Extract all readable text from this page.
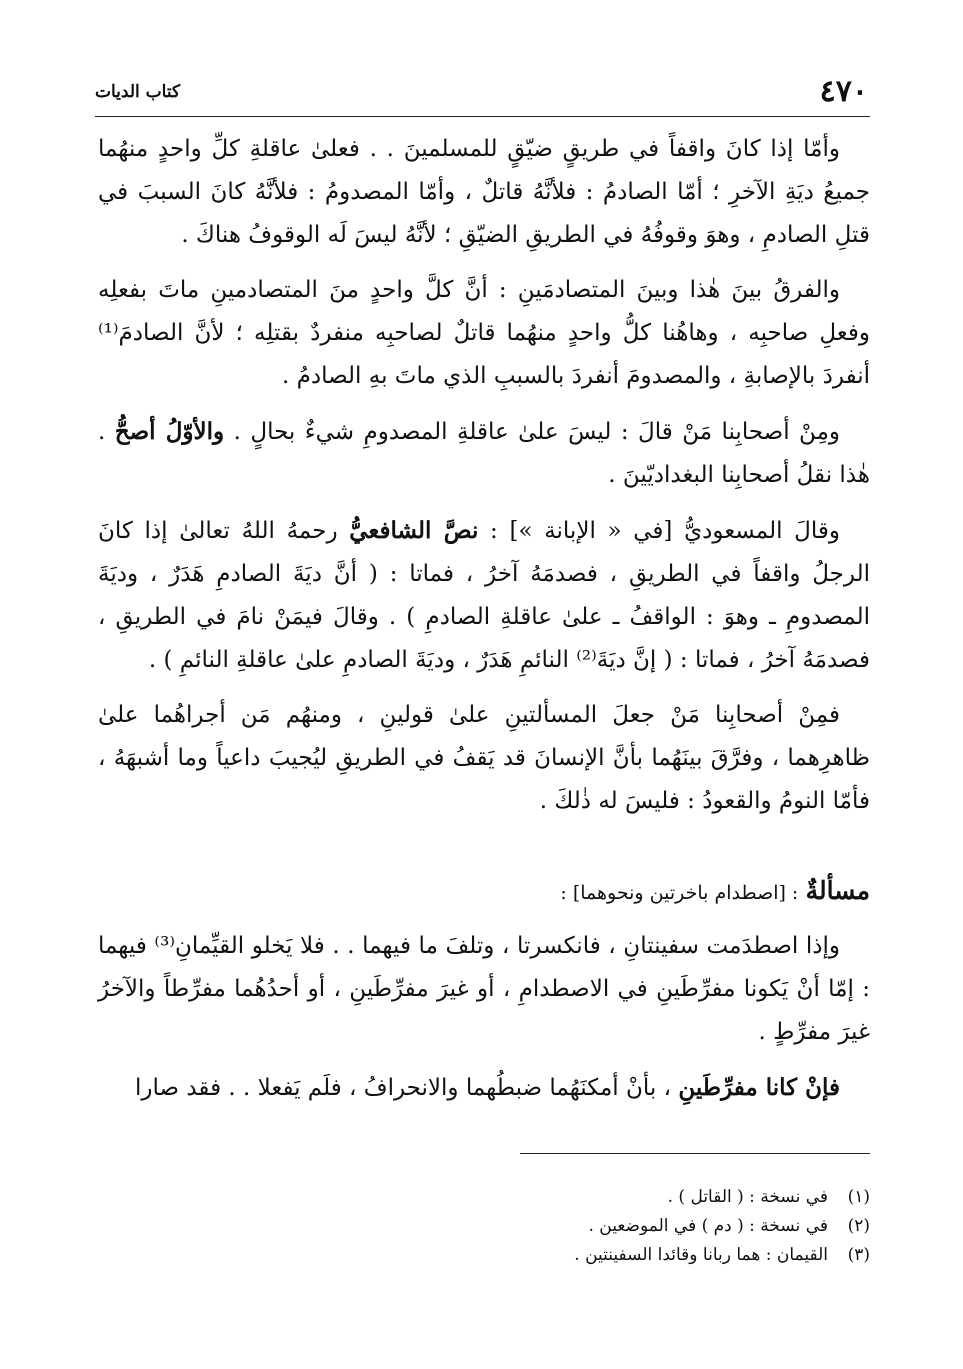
٤٧٠
كتاب الديات

وأمّا إذا كانَ واقفاً في طريقٍ ضيّقٍ للمسلمينَ . . فعلىٰ عاقلةِ كلِّ واحدٍ منهُما جميعُ ديَةِ الآخرِ ؛ أمّا الصادمُ : فلأنَّهُ قاتلٌ ، وأمّا المصدومُ : فلأنَّهُ كانَ السببَ في قتلِ الصادمِ ، وهوَ وقوفُهُ في الطريقِ الضيّقِ ؛ لأنَّهُ ليسَ لَه الوقوفُ هناكَ .

والفرقُ بينَ هٰذا وبينَ المتصادمَينِ : أنَّ كلَّ واحدٍ منَ المتصادمينِ ماتَ بفعلِه وفعلِ صاحبِه ، وهاهُنا كلُّ واحدٍ منهُما قاتلٌ لصاحبِه منفردٌ بقتلِه ؛ لأنَّ الصادمَ⁽¹⁾ أنفردَ بالإصابةِ ، والمصدومَ أنفردَ بالسببِ الذي ماتَ بهِ الصادمُ .

ومِنْ أصحابِنا مَنْ قالَ : ليسَ علىٰ عاقلةِ المصدومِ شيءٌ بحالٍ . والأوّلُ أصحُّ . هٰذا نقلُ أصحابِنا البغداديّينَ .

وقالَ المسعوديُّ [في « الإبانة »] : نصَّ الشافعيُّ رحمهُ اللهُ تعالىٰ إذا كانَ الرجلُ واقفاً في الطريقِ ، فصدمَهُ آخرُ ، فماتا : ( أنَّ ديَةَ الصادمِ هَدَرٌ ، وديَةَ المصدومِ ـ وهوَ : الواقفُ ـ علىٰ عاقلةِ الصادمِ ) . وقالَ فيمَنْ نامَ في الطريقِ ، فصدمَهُ آخرُ ، فماتا : ( إنَّ ديَةَ⁽²⁾ النائمِ هَدَرٌ ، وديَةَ الصادمِ علىٰ عاقلةِ النائمِ ) .

فمِنْ أصحابِنا مَنْ جعلَ المسألتينِ علىٰ قولينِ ، ومنهُم مَن أجراهُما علىٰ ظاهرِهما ، وفرَّقَ بينَهُما بأنَّ الإنسانَ قد يَقفُ في الطريقِ ليُجيبَ داعياً وما أشبهَهُ ، فأمّا النومُ والقعودُ : فليسَ له ذٰلكَ .

مسألةٌ : [اصطدام باخرتين ونحوهما] :

وإذا اصطدَمت سفينتانِ ، فانكسرتا ، وتلفَ ما فيهما . . فلا يَخلو القيِّمانِ⁽³⁾ فيهما : إمّا أنْ يَكونا مفرِّطَينِ في الاصطدامِ ، أو غيرَ مفرِّطَينِ ، أو أحدُهُما مفرِّطاً والآخرُ غيرَ مفرِّطٍ .

فإنْ كانا مفرِّطَينِ ، بأنْ أمكنَهُما ضبطُهما والانحرافُ ، فلَم يَفعلا . . فقد صارا

(١)في نسخة : ( القاتل ) .
(٢)في نسخة : ( دم ) في الموضعين .
(٣)القيمان : هما ربانا وقائدا السفينتين .
